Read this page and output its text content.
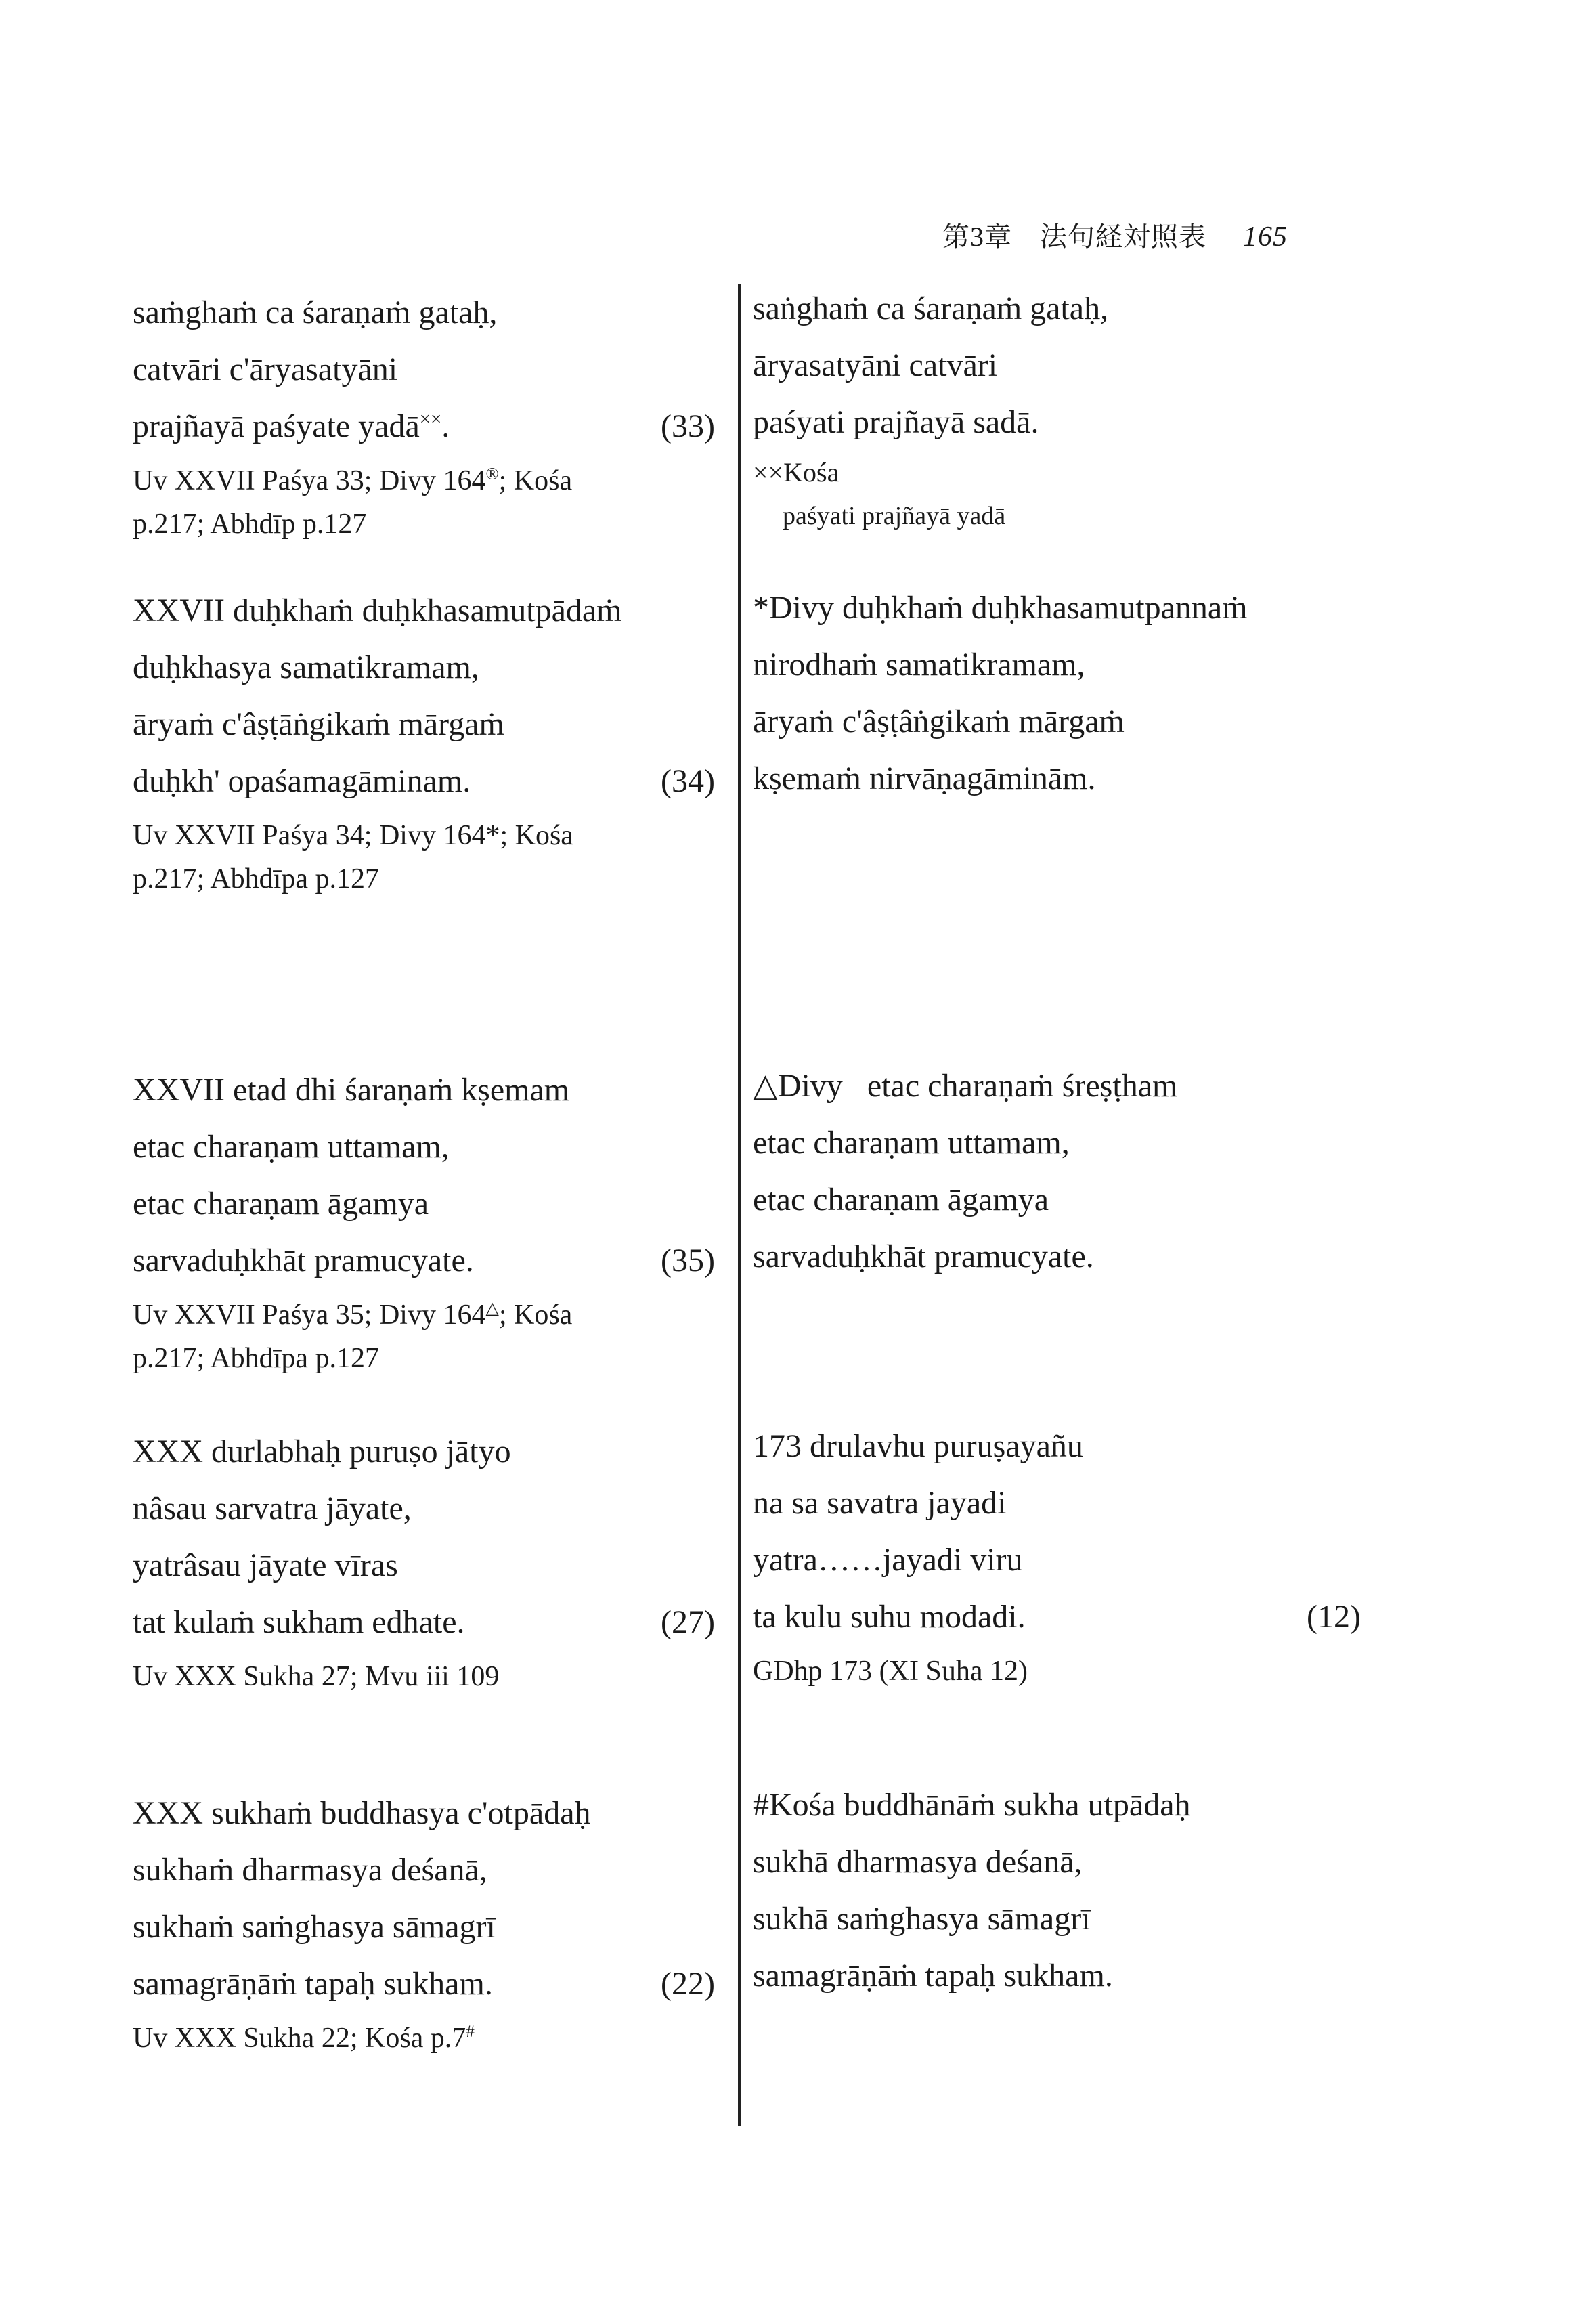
第3章　法句経対照表 165
saṁghaṁ ca śaraṇaṁ gataḥ,
catvāri c'āryasatyāni
prajñayā paśyate yadā××.	(33)
Uv XXVII Paśya 33; Divy 164®; Kośa
p.217; Abhdīp p.127
XXVII duḥkhaṁ duḥkhasamutpādaṁ
duḥkhasya samatikramam,
āryaṁ c'âṣṭāṅgikaṁ mārgaṁ
duḥkh' opaśamagāminam.	(34)
Uv XXVII Paśya 34; Divy 164*; Kośa
p.217; Abhdīpa p.127
XXVII etad dhi śaraṇaṁ kṣemam
etac charaṇam uttamam,
etac charaṇam āgamya
sarvaduḥkhāt pramucyate.	(35)
Uv XXVII Paśya 35; Divy 164△; Kośa
p.217; Abhdīpa p.127
XXX durlabhaḥ puruṣo jātyo
nâsau sarvatra jāyate,
yatrâsau jāyate vīras
tat kulaṁ sukham edhate.	(27)
Uv XXX Sukha 27; Mvu iii 109
XXX sukhaṁ buddhasya c'otpādaḥ
sukhaṁ dharmasya deśanā,
sukhaṁ saṁghasya sāmagrī
samagrāṇāṁ tapaḥ sukham.	(22)
Uv XXX Sukha 22; Kośa p.7#
saṅghaṁ ca śaraṇaṁ gataḥ,
āryasatyāni catvāri
paśyati prajñayā sadā.
××Kośa
paśyati prajñayā yadā
*Divy duḥkhaṁ duḥkhasamutpannaṁ
nirodhaṁ samatikramam,
āryaṁ c'âṣṭâṅgikaṁ mārgaṁ
kṣemaṁ nirvāṇagāminām.
△Divy   etac charaṇaṁ śreṣṭham
etac charaṇam uttamam,
etac charaṇam āgamya
sarvaduḥkhāt pramucyate.
173 drulavhu puruṣayañu
na sa savatra jayadi
yatra……jayadi viru
ta kulu suhu modadi.	(12)
GDhp 173 (XI Suha 12)
#Kośa buddhānāṁ sukha utpādaḥ
sukhā dharmasya deśanā,
sukhā saṁghasya sāmagrī
samagrāṇāṁ tapaḥ sukham.
